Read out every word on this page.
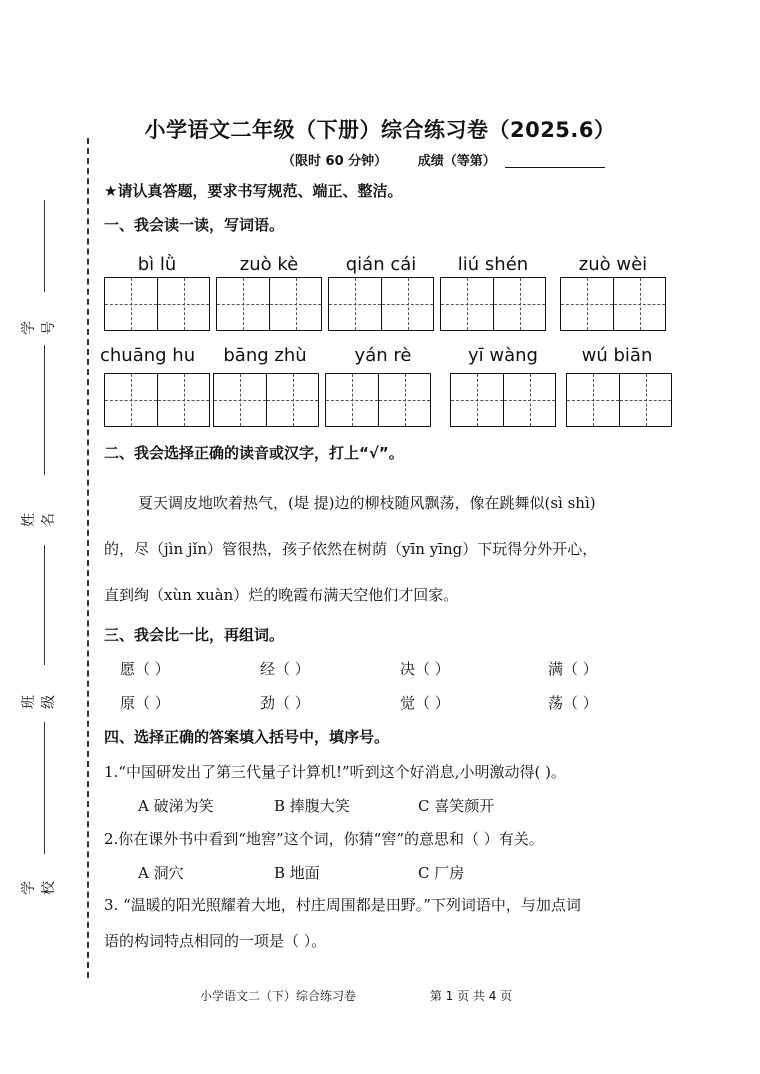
小学语文二年级（下册）综合练习卷（2025.6）
（限时 60 分钟） 成绩（等第）
学号
姓名
班级
学校
★请认真答题，要求书写规范、端正、整洁。
一、我会读一读，写词语。
bì lǜ	zuò kè	qián cái	liú shén	zuò wèi
chuāng hu	bāng zhù	yán rè	yī wàng	wú biān
二、我会选择正确的读音或汉字，打上“√”。
夏天调皮地吹着热气，(堤 提)边的柳枝随风飘荡，像在跳舞似(sì shì)
的，尽（jìn jǐn）管很热，孩子依然在树荫（yīn yīng）下玩得分外开心，
直到绚（xùn xuàn）烂的晚霞布满天空他们才回家。
三、我会比一比，再组词。
愿（ ）	经（ ）	决（ ）	满（ ）
原（ ）	劲（ ）	觉（ ）	荡（ ）
四、选择正确的答案填入括号中，填序号。
1.“中国研发出了第三代量子计算机!”听到这个好消息,小明激动得( )。
A 破涕为笑	B 捧腹大笑	C 喜笑颜开
2.你在课外书中看到“地窖”这个词，你猜“窖”的意思和（ ）有关。
A 洞穴	B 地面	C 厂房
3. “温暖的阳光照耀着大地，村庄周围都是田野。”下列词语中，与加点词
语的构词特点相同的一项是（ ）。
小学语文二（下）综合练习卷	第 1 页 共 4 页
